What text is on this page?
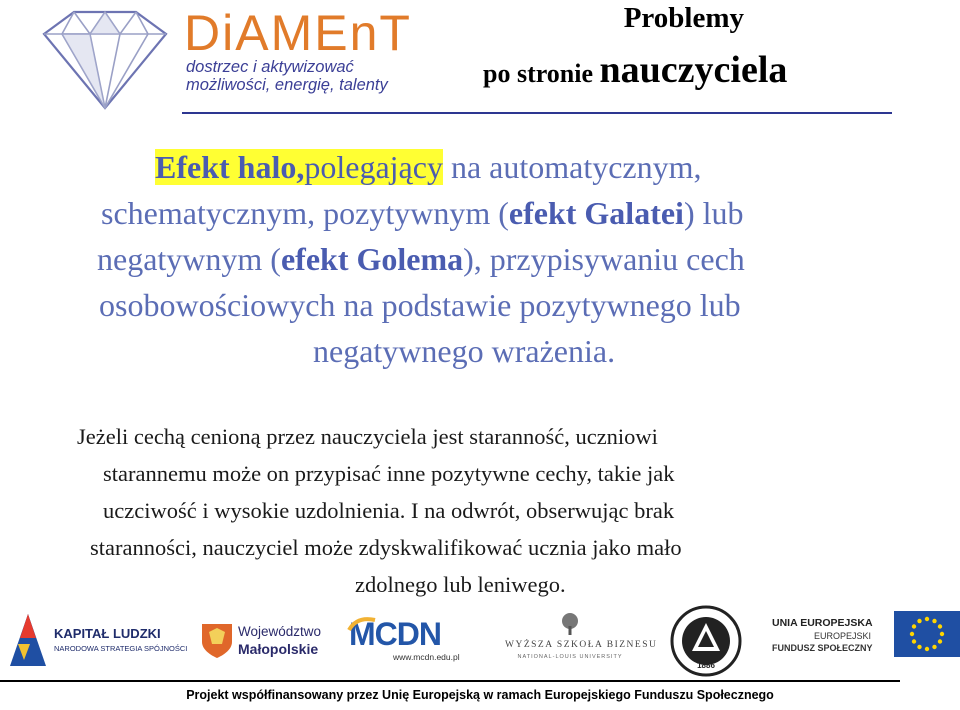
DiAMEnT
dostrzec i aktywizować
możliwości, energię, talenty
Problemy
po stronie nauczyciela
Efekt halo,polegający na automatycznym,
schematycznym, pozytywnym (efekt Galatei) lub
negatywnym (efekt Golema), przypisywaniu cech
osobowościowych na podstawie pozytywnego lub
negatywnego wrażenia.
Jeżeli cechą cenioną przez nauczyciela jest staranność, uczniowi
starannemu może on przypisać inne pozytywne cechy, takie jak
uczciwość i wysokie uzdolnienia. I na odwrót, obserwując brak
staranności, nauczyciel może zdyskwalifikować ucznia jako mało
zdolnego lub leniwego.
KAPITAŁ LUDZKI
NARODOWA STRATEGIA SPÓJNOŚCI
Województwo
Małopolskie MCDN
www.mcdn.edu.pl
WYŻSZA SZKOŁA BIZNESU
NATIONAL-LOUIS UNIVERSITY
1886
UNIA EUROPEJSKA
EUROPEJSKI
FUNDUSZ SPOŁECZNY
Projekt współfinansowany przez Unię Europejską w ramach Europejskiego Funduszu Społecznego
